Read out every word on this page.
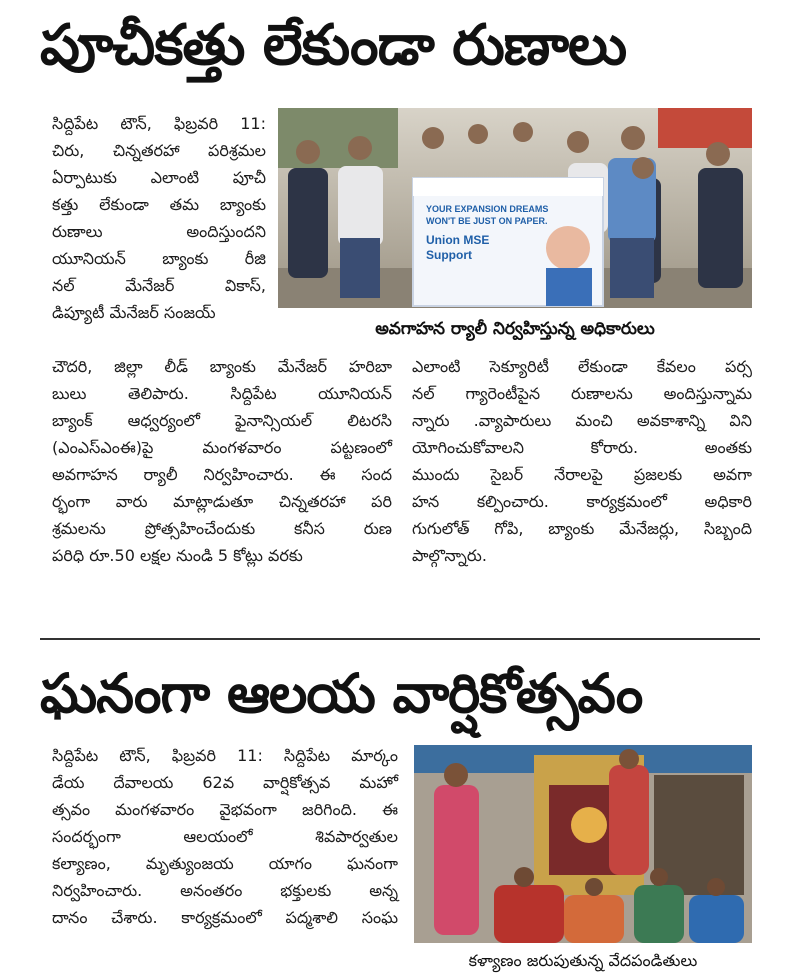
పూచీకత్తు లేకుండా రుణాలు
YOUR EXPANSION DREAMS
WON'T BE JUST ON PAPER.
Union MSE
Support
అవగాహన ర్యాలీ నిర్వహిస్తున్న అధికారులు
సిద్దిపేట టౌన్, ఫిబ్రవరి 11:
చిరు, చిన్నతరహా పరిశ్రమల
ఏర్పాటుకు ఎలాంటి పూచీ
కత్తు లేకుండా తమ బ్యాంకు
రుణాలు అందిస్తుందని
యూనియన్ బ్యాంకు రీజి
నల్ మేనేజర్ వికాస్,
డిప్యూటీ మేనేజర్ సంజయ్
చౌదరి, జిల్లా లీడ్ బ్యాంకు మేనేజర్ హరిబా
బులు తెలిపారు. సిద్దిపేట యూనియన్
బ్యాంక్ ఆధ్వర్యంలో ఫైనాన్సియల్ లిటరసి
(ఎంఎస్‌ఎంఈ)పై మంగళవారం పట్టణంలో
అవగాహన ర్యాలీ నిర్వహించారు. ఈ సంద
ర్భంగా వారు మాట్లాడుతూ చిన్నతరహా పరి
శ్రమలను ప్రోత్సహించేందుకు కనీస రుణ
పరిధి రూ.50 లక్షల నుండి 5 కోట్లు వరకు
ఎలాంటి సెక్యూరిటీ లేకుండా కేవలం పర్స
నల్ గ్యారెంటీపైన రుణాలను అందిస్తున్నామ
న్నారు .వ్యాపారులు మంచి అవకాశాన్ని విని
యోగించుకోవాలని కోరారు. అంతకు
ముందు సైబర్ నేరాలపై ప్రజలకు అవగా
హన కల్పించారు. కార్యక్రమంలో అధికారి
గుగులోత్ గోపి, బ్యాంకు మేనేజర్లు, సిబ్బంది
పాల్గొన్నారు.
ఘనంగా ఆలయ వార్షికోత్సవం
సిద్దిపేట టౌన్, ఫిబ్రవరి 11: సిద్దిపేట మార్కం
డేయ దేవాలయ 62వ వార్షికోత్సవ మహో
త్సవం మంగళవారం వైభవంగా జరిగింది. ఈ
సందర్భంగా ఆలయంలో శివపార్వతుల
కల్యాణం, మృత్యుంజయ యాగం ఘనంగా
నిర్వహించారు. అనంతరం భక్తులకు అన్న
దానం చేశారు. కార్యక్రమంలో పద్మశాలి సంఘ
కళ్యాణం జరుపుతున్న వేదపండితులు
